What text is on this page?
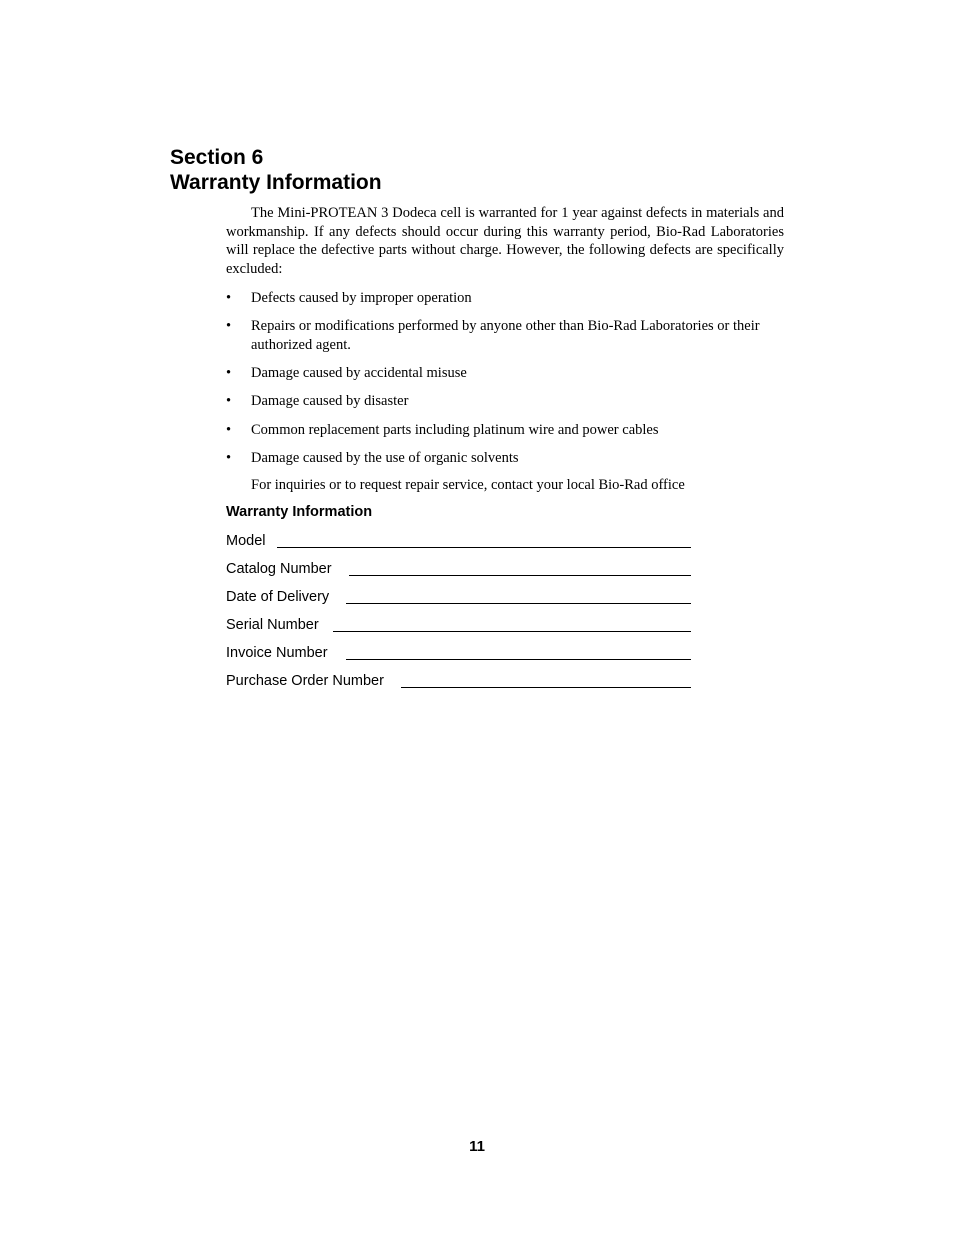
Section 6
Warranty Information

The Mini-PROTEAN 3 Dodeca cell is warranted for 1 year against defects in materials and workmanship. If any defects should occur during this warranty period, Bio-Rad Laboratories will replace the defective parts without charge. However, the following defects are specifically excluded:

• Defects caused by improper operation
• Repairs or modifications performed by anyone other than Bio-Rad Laboratories or their authorized agent.
• Damage caused by accidental misuse
• Damage caused by disaster
• Common replacement parts including platinum wire and power cables
• Damage caused by the use of organic solvents

For inquiries or to request repair service, contact your local Bio-Rad office

Warranty Information

Model
Catalog Number
Date of Delivery
Serial Number
Invoice Number
Purchase Order Number

11
